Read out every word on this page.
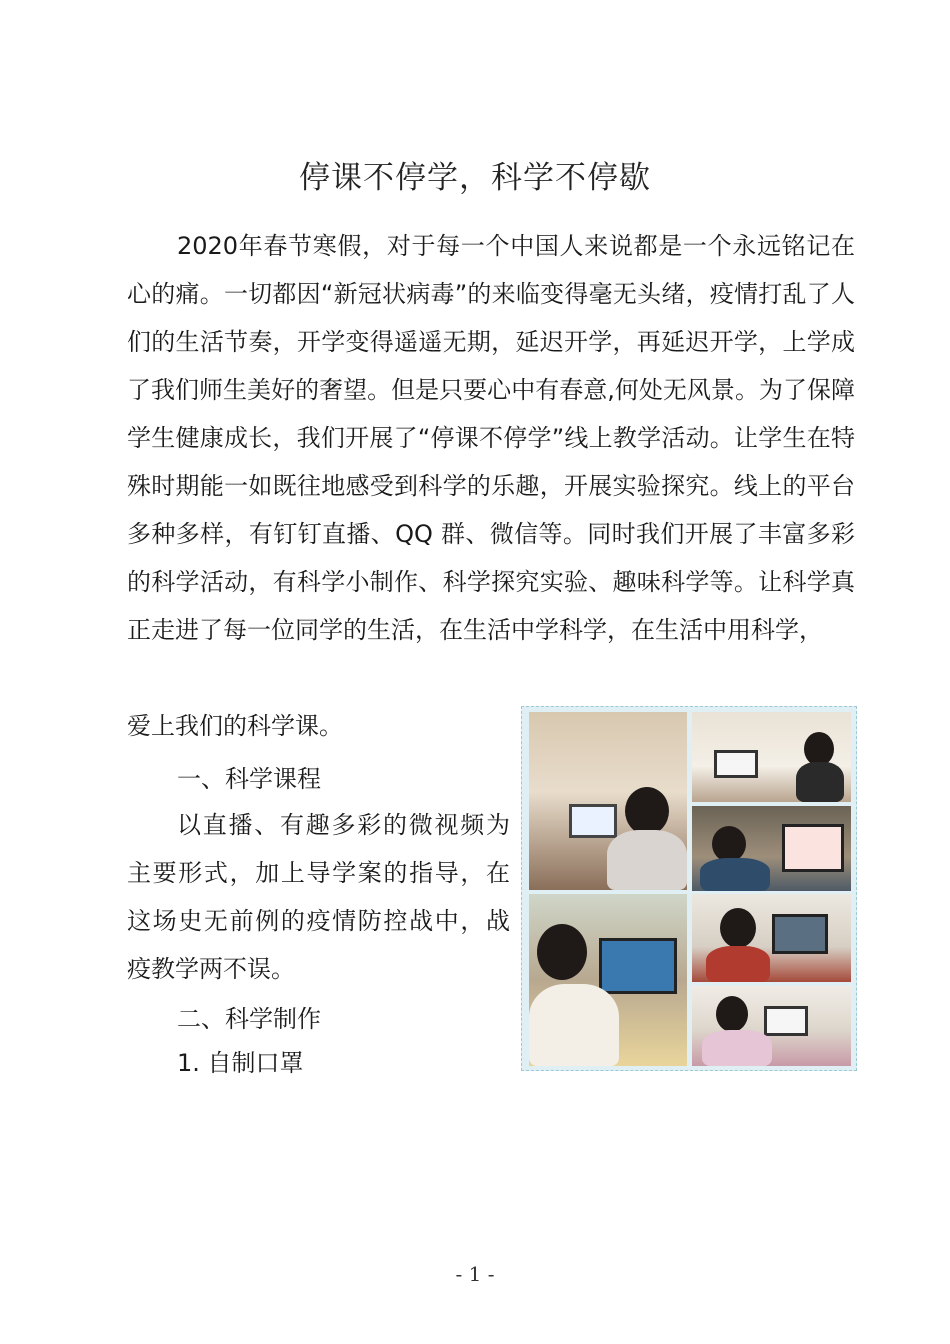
停课不停学，科学不停歇

2020年春节寒假，对于每一个中国人来说都是一个永远铭记在心的痛。一切都因“新冠状病毒”的来临变得毫无头绪，疫情打乱了人们的生活节奏，开学变得遥遥无期，延迟开学，再延迟开学，上学成了我们师生美好的奢望。但是只要心中有春意,何处无风景。为了保障学生健康成长，我们开展了“停课不停学”线上教学活动。让学生在特殊时期能一如既往地感受到科学的乐趣，开展实验探究。线上的平台多种多样，有钉钉直播、QQ 群、微信等。同时我们开展了丰富多彩的科学活动，有科学小制作、科学探究实验、趣味科学等。让科学真正走进了每一位同学的生活，在生活中学科学，在生活中用科学，

爱上我们的科学课。
一、科学课程

以直播、有趣多彩的微视频为主要形式，加上导学案的指导，在这场史无前例的疫情防控战中，战疫教学两不误。

二、科学制作
1. 自制口罩
- 1 -
